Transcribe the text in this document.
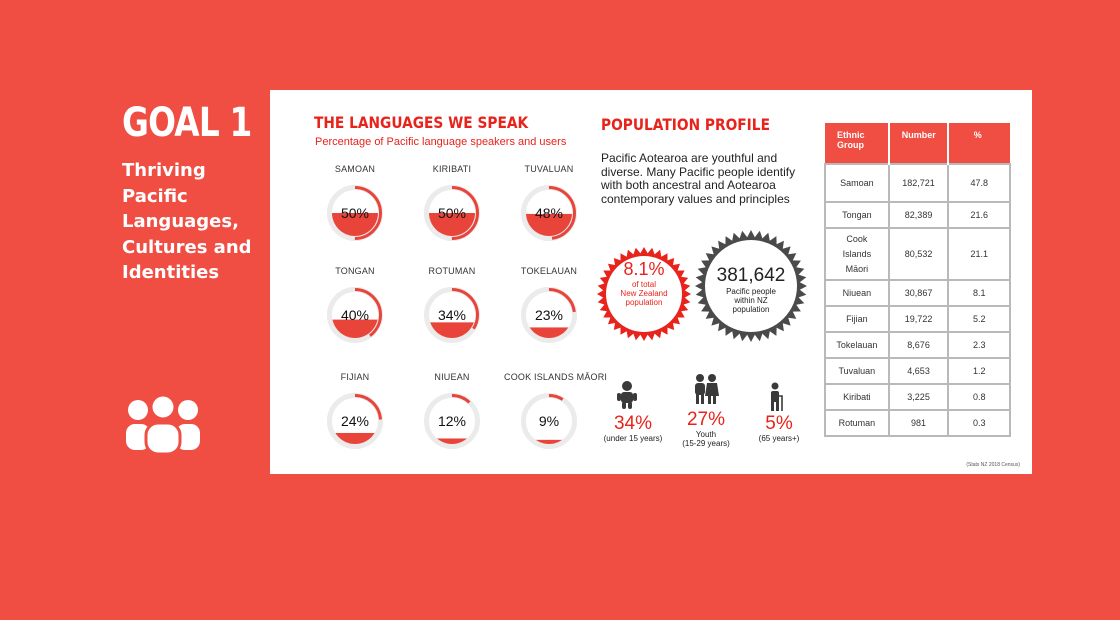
GOAL 1
Thriving
Pacific
Languages,
Cultures and
Identities
THE LANGUAGES WE SPEAK
Percentage of Pacific language speakers and users
SAMOAN
50%
KIRIBATI
50%
TUVALUAN
48%
TONGAN
40%
ROTUMAN
34%
TOKELAUAN
23%
FIJIAN
24%
NIUEAN
12%
COOK ISLANDS MĀORI
9%
POPULATION PROFILE
Pacific Aotearoa are youthful and diverse. Many Pacific people identify with both ancestral and Aotearoa contemporary values and principles
8.1%
of total
New Zealand
population
381,642
Pacific people
within NZ
population
34%
(under 15 years)
27%
Youth
(15-29 years)
5%
(65 years+)
Ethnic Group	Number	%
Samoan	182,721	47.8
Tongan	82,389	21.6
Cook Islands Māori	80,532	21.1
Niuean	30,867	8.1
Fijian	19,722	5.2
Tokelauan	8,676	2.3
Tuvaluan	4,653	1.2
Kiribati	3,225	0.8
Rotuman	981	0.3
(Stats NZ 2018 Census)
